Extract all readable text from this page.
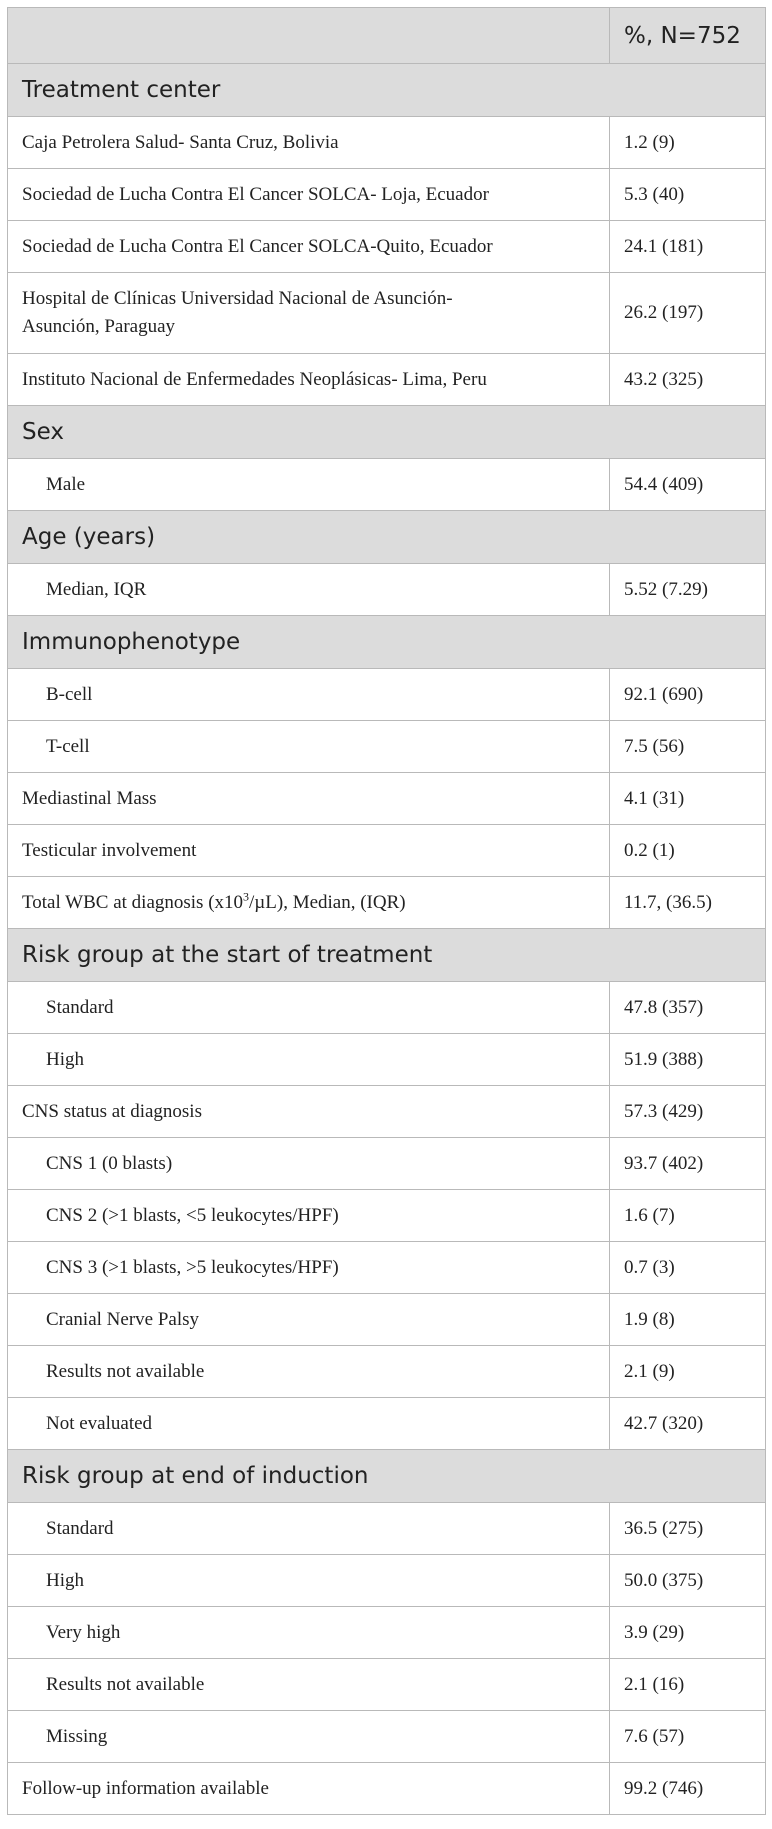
	%, N=752
Treatment center	
Caja Petrolera Salud- Santa Cruz, Bolivia	1.2 (9)
Sociedad de Lucha Contra El Cancer SOLCA- Loja, Ecuador	5.3 (40)
Sociedad de Lucha Contra El Cancer SOLCA-Quito, Ecuador	24.1 (181)
Hospital de Clínicas Universidad Nacional de Asunción-
Asunción, Paraguay	26.2 (197)
Instituto Nacional de Enfermedades Neoplásicas- Lima, Peru	43.2 (325)
Sex	
Male	54.4 (409)
Age (years)	
Median, IQR	5.52 (7.29)
Immunophenotype	
B-cell	92.1 (690)
T-cell	7.5 (56)
Mediastinal Mass	4.1 (31)
Testicular involvement	0.2 (1)
Total WBC at diagnosis $(x10^3/\mu L)$, Median, (IQR)	11.7, (36.5)
Risk group at the start of treatment	
Standard	47.8 (357)
High	51.9 (388)
CNS status at diagnosis	57.3 (429)
CNS 1 (0 blasts)	93.7 (402)
CNS 2 (>1 blasts, <5 leukocytes/HPF)	1.6 (7)
CNS 3 (>1 blasts, >5 leukocytes/HPF)	0.7 (3)
Cranial Nerve Palsy	1.9 (8)
Results not available	2.1 (9)
Not evaluated	42.7 (320)
Risk group at end of induction	
Standard	36.5 (275)
High	50.0 (375)
Very high	3.9 (29)
Results not available	2.1 (16)
Missing	7.6 (57)
Follow-up information available	99.2 (746)
